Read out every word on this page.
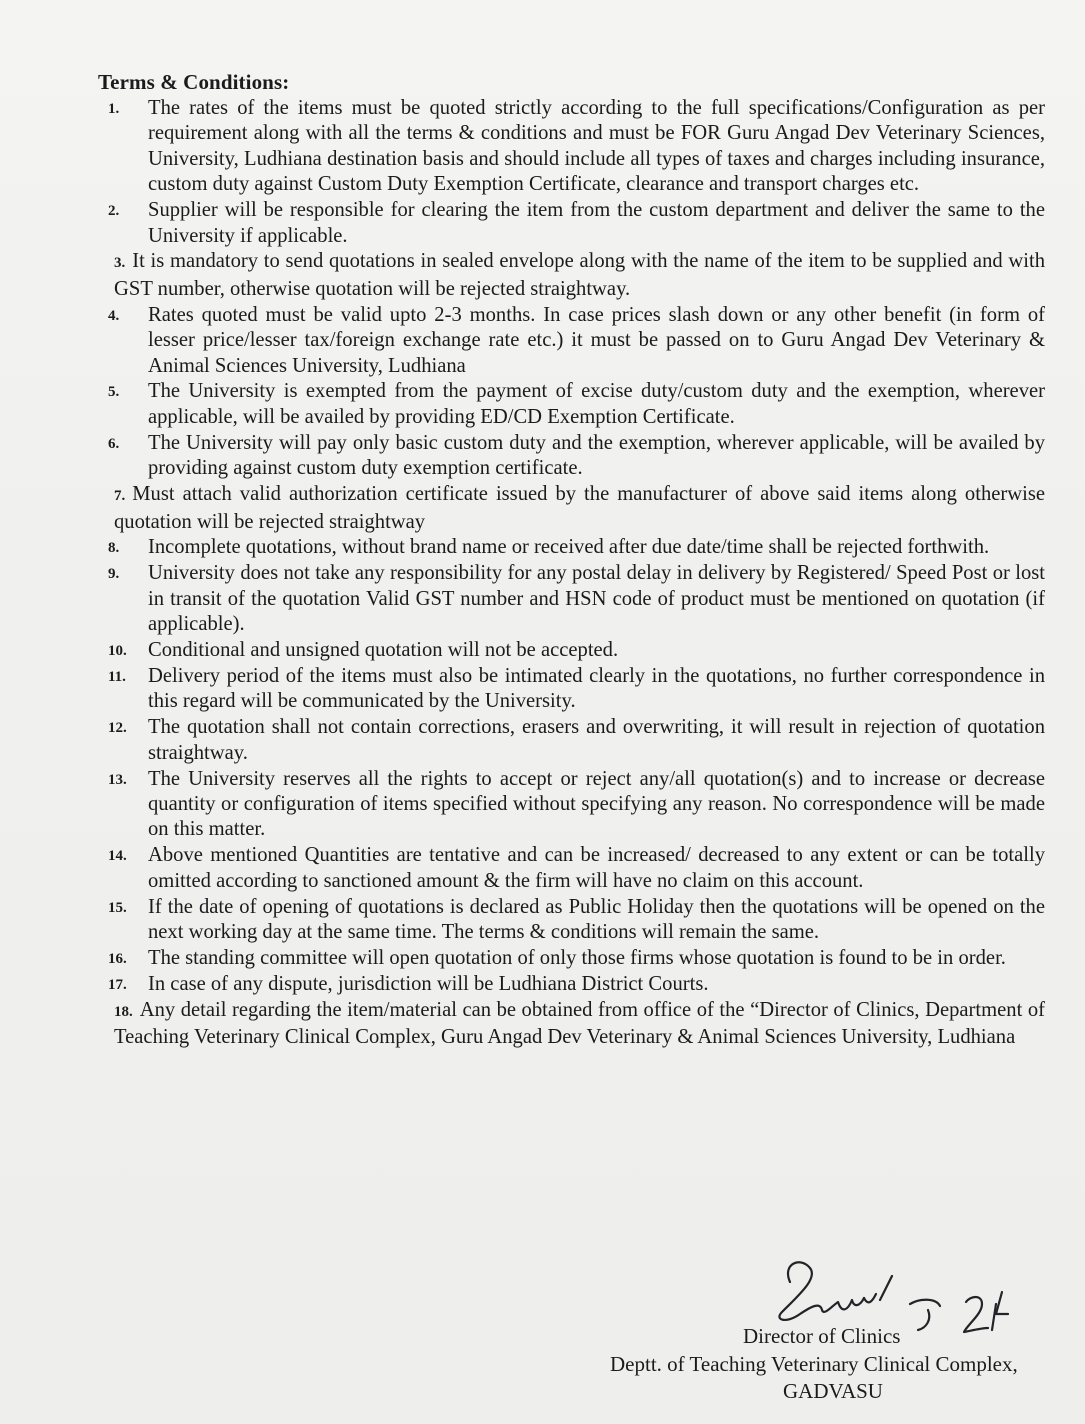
Terms & Conditions:
1. The rates of the items must be quoted strictly according to the full specifications/Configuration as per requirement along with all the terms & conditions and must be FOR Guru Angad Dev Veterinary Sciences, University, Ludhiana destination basis and should include all types of taxes and charges including insurance, custom duty against Custom Duty Exemption Certificate, clearance and transport charges etc.
2. Supplier will be responsible for clearing the item from the custom department and deliver the same to the University if applicable.
3. It is mandatory to send quotations in sealed envelope along with the name of the item to be supplied and with GST number, otherwise quotation will be rejected straightway.
4. Rates quoted must be valid upto 2-3 months. In case prices slash down or any other benefit (in form of lesser price/lesser tax/foreign exchange rate etc.) it must be passed on to Guru Angad Dev Veterinary & Animal Sciences University, Ludhiana
5. The University is exempted from the payment of excise duty/custom duty and the exemption, wherever applicable, will be availed by providing ED/CD Exemption Certificate.
6. The University will pay only basic custom duty and the exemption, wherever applicable, will be availed by providing against custom duty exemption certificate.
7. Must attach valid authorization certificate issued by the manufacturer of above said items along otherwise quotation will be rejected straightway
8. Incomplete quotations, without brand name or received after due date/time shall be rejected forthwith.
9. University does not take any responsibility for any postal delay in delivery by Registered/ Speed Post or lost in transit of the quotation Valid GST number and HSN code of product must be mentioned on quotation (if applicable).
10. Conditional and unsigned quotation will not be accepted.
11. Delivery period of the items must also be intimated clearly in the quotations, no further correspondence in this regard will be communicated by the University.
12. The quotation shall not contain corrections, erasers and overwriting, it will result in rejection of quotation straightway.
13. The University reserves all the rights to accept or reject any/all quotation(s) and to increase or decrease quantity or configuration of items specified without specifying any reason. No correspondence will be made on this matter.
14. Above mentioned Quantities are tentative and can be increased/ decreased to any extent or can be totally omitted according to sanctioned amount & the firm will have no claim on this account.
15. If the date of opening of quotations is declared as Public Holiday then the quotations will be opened on the next working day at the same time. The terms & conditions will remain the same.
16. The standing committee will open quotation of only those firms whose quotation is found to be in order.
17. In case of any dispute, jurisdiction will be Ludhiana District Courts.
18. Any detail regarding the item/material can be obtained from office of the “Director of Clinics, Department of Teaching Veterinary Clinical Complex, Guru Angad Dev Veterinary & Animal Sciences University, Ludhiana
Director of Clinics
Deptt. of Teaching Veterinary Clinical Complex,
GADVASU
